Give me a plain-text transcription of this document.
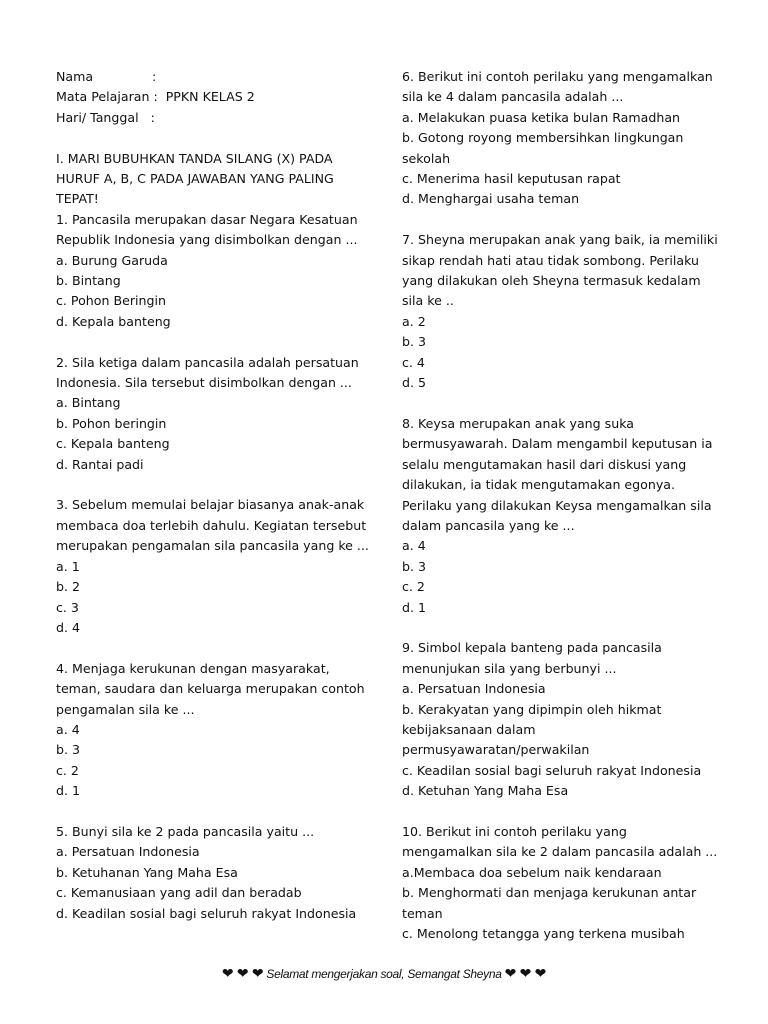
Nama	:
Mata Pelajaran :  PPKN KELAS 2
Hari/ Tanggal   :
I. MARI BUBUHKAN TANDA SILANG (X) PADA
HURUF A, B, C PADA JAWABAN YANG PALING
TEPAT!
1. Pancasila merupakan dasar Negara Kesatuan
Republik Indonesia yang disimbolkan dengan ...
a. Burung Garuda
b. Bintang
c. Pohon Beringin
d. Kepala banteng
2. Sila ketiga dalam pancasila adalah persatuan
Indonesia. Sila tersebut disimbolkan dengan ...
a. Bintang
b. Pohon beringin
c. Kepala banteng
d. Rantai padi
3. Sebelum memulai belajar biasanya anak-anak
membaca doa terlebih dahulu. Kegiatan tersebut
merupakan pengamalan sila pancasila yang ke ...
a. 1
b. 2
c. 3
d. 4
4. Menjaga kerukunan dengan masyarakat,
teman, saudara dan keluarga merupakan contoh
pengamalan sila ke ...
a. 4
b. 3
c. 2
d. 1
5. Bunyi sila ke 2 pada pancasila yaitu ...
a. Persatuan Indonesia
b. Ketuhanan Yang Maha Esa
c. Kemanusiaan yang adil dan beradab
d. Keadilan sosial bagi seluruh rakyat Indonesia
6. Berikut ini contoh perilaku yang mengamalkan
sila ke 4 dalam pancasila adalah ...
a. Melakukan puasa ketika bulan Ramadhan
b. Gotong royong membersihkan lingkungan
sekolah
c. Menerima hasil keputusan rapat
d. Menghargai usaha teman
7. Sheyna merupakan anak yang baik, ia memiliki
sikap rendah hati atau tidak sombong. Perilaku
yang dilakukan oleh Sheyna termasuk kedalam
sila ke ..
a. 2
b. 3
c. 4
d. 5
8. Keysa merupakan anak yang suka
bermusyawarah. Dalam mengambil keputusan ia
selalu mengutamakan hasil dari diskusi yang
dilakukan, ia tidak mengutamakan egonya.
Perilaku yang dilakukan Keysa mengamalkan sila
dalam pancasila yang ke ...
a. 4
b. 3
c. 2
d. 1
9. Simbol kepala banteng pada pancasila
menunjukan sila yang berbunyi ...
a. Persatuan Indonesia
b. Kerakyatan yang dipimpin oleh hikmat
kebijaksanaan dalam
permusyawaratan/perwakilan
c. Keadilan sosial bagi seluruh rakyat Indonesia
d. Ketuhan Yang Maha Esa
10. Berikut ini contoh perilaku yang
mengamalkan sila ke 2 dalam pancasila adalah ...
a.Membaca doa sebelum naik kendaraan
b. Menghormati dan menjaga kerukunan antar
teman
c. Menolong tetangga yang terkena musibah
❤ ❤ ❤ Selamat mengerjakan soal, Semangat Sheyna ❤ ❤ ❤
